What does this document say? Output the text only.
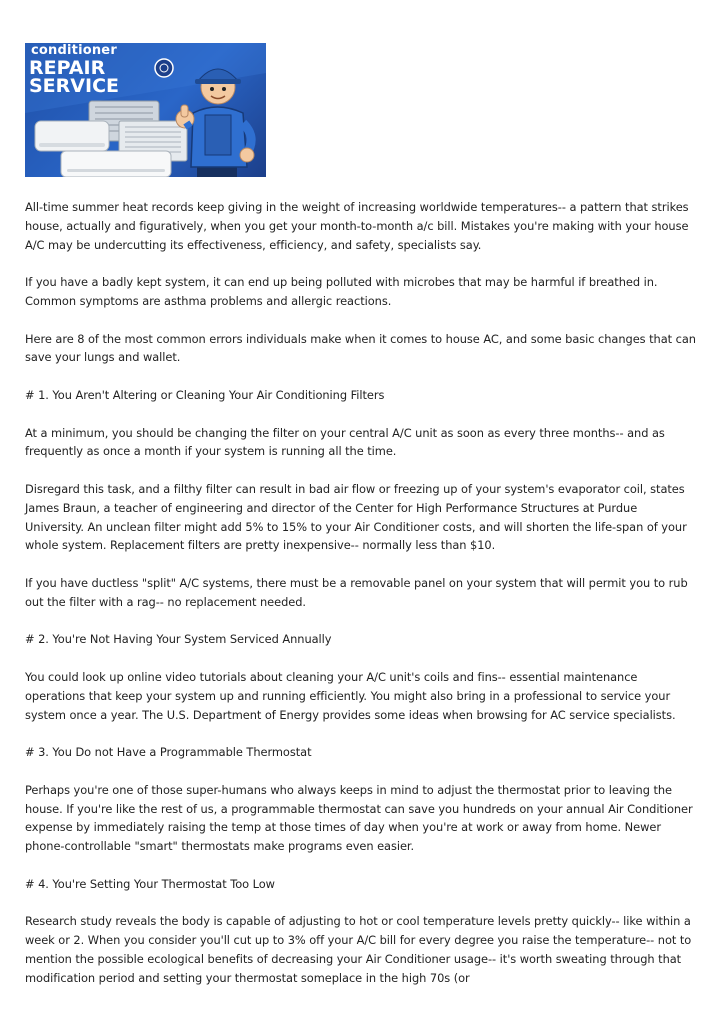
conditioner
REPAIR
SERVICE

All-time summer heat records keep giving in the weight of increasing worldwide temperatures-- a pattern that strikes house, actually and figuratively, when you get your month-to-month a/c bill. Mistakes you're making with your house A/C may be undercutting its effectiveness, efficiency, and safety, specialists say.

If you have a badly kept system, it can end up being polluted with microbes that may be harmful if breathed in. Common symptoms are asthma problems and allergic reactions.

Here are 8 of the most common errors individuals make when it comes to house AC, and some basic changes that can save your lungs and wallet.

# 1. You Aren't Altering or Cleaning Your Air Conditioning Filters

At a minimum, you should be changing the filter on your central A/C unit as soon as every three months-- and as frequently as once a month if your system is running all the time.

Disregard this task, and a filthy filter can result in bad air flow or freezing up of your system's evaporator coil, states James Braun, a teacher of engineering and director of the Center for High Performance Structures at Purdue University. An unclean filter might add 5% to 15% to your Air Conditioner costs, and will shorten the life-span of your whole system. Replacement filters are pretty inexpensive-- normally less than $10.

If you have ductless "split" A/C systems, there must be a removable panel on your system that will permit you to rub out the filter with a rag-- no replacement needed.

# 2. You're Not Having Your System Serviced Annually

You could look up online video tutorials about cleaning your A/C unit's coils and fins-- essential maintenance operations that keep your system up and running efficiently. You might also bring in a professional to service your system once a year. The U.S. Department of Energy provides some ideas when browsing for AC service specialists.

# 3. You Do not Have a Programmable Thermostat

Perhaps you're one of those super-humans who always keeps in mind to adjust the thermostat prior to leaving the house. If you're like the rest of us, a programmable thermostat can save you hundreds on your annual Air Conditioner expense by immediately raising the temp at those times of day when you're at work or away from home. Newer phone-controllable "smart" thermostats make programs even easier.

# 4. You're Setting Your Thermostat Too Low

Research study reveals the body is capable of adjusting to hot or cool temperature levels pretty quickly-- like within a week or 2. When you consider you'll cut up to 3% off your A/C bill for every degree you raise the temperature-- not to mention the possible ecological benefits of decreasing your Air Conditioner usage-- it's worth sweating through that modification period and setting your thermostat someplace in the high 70s (or
